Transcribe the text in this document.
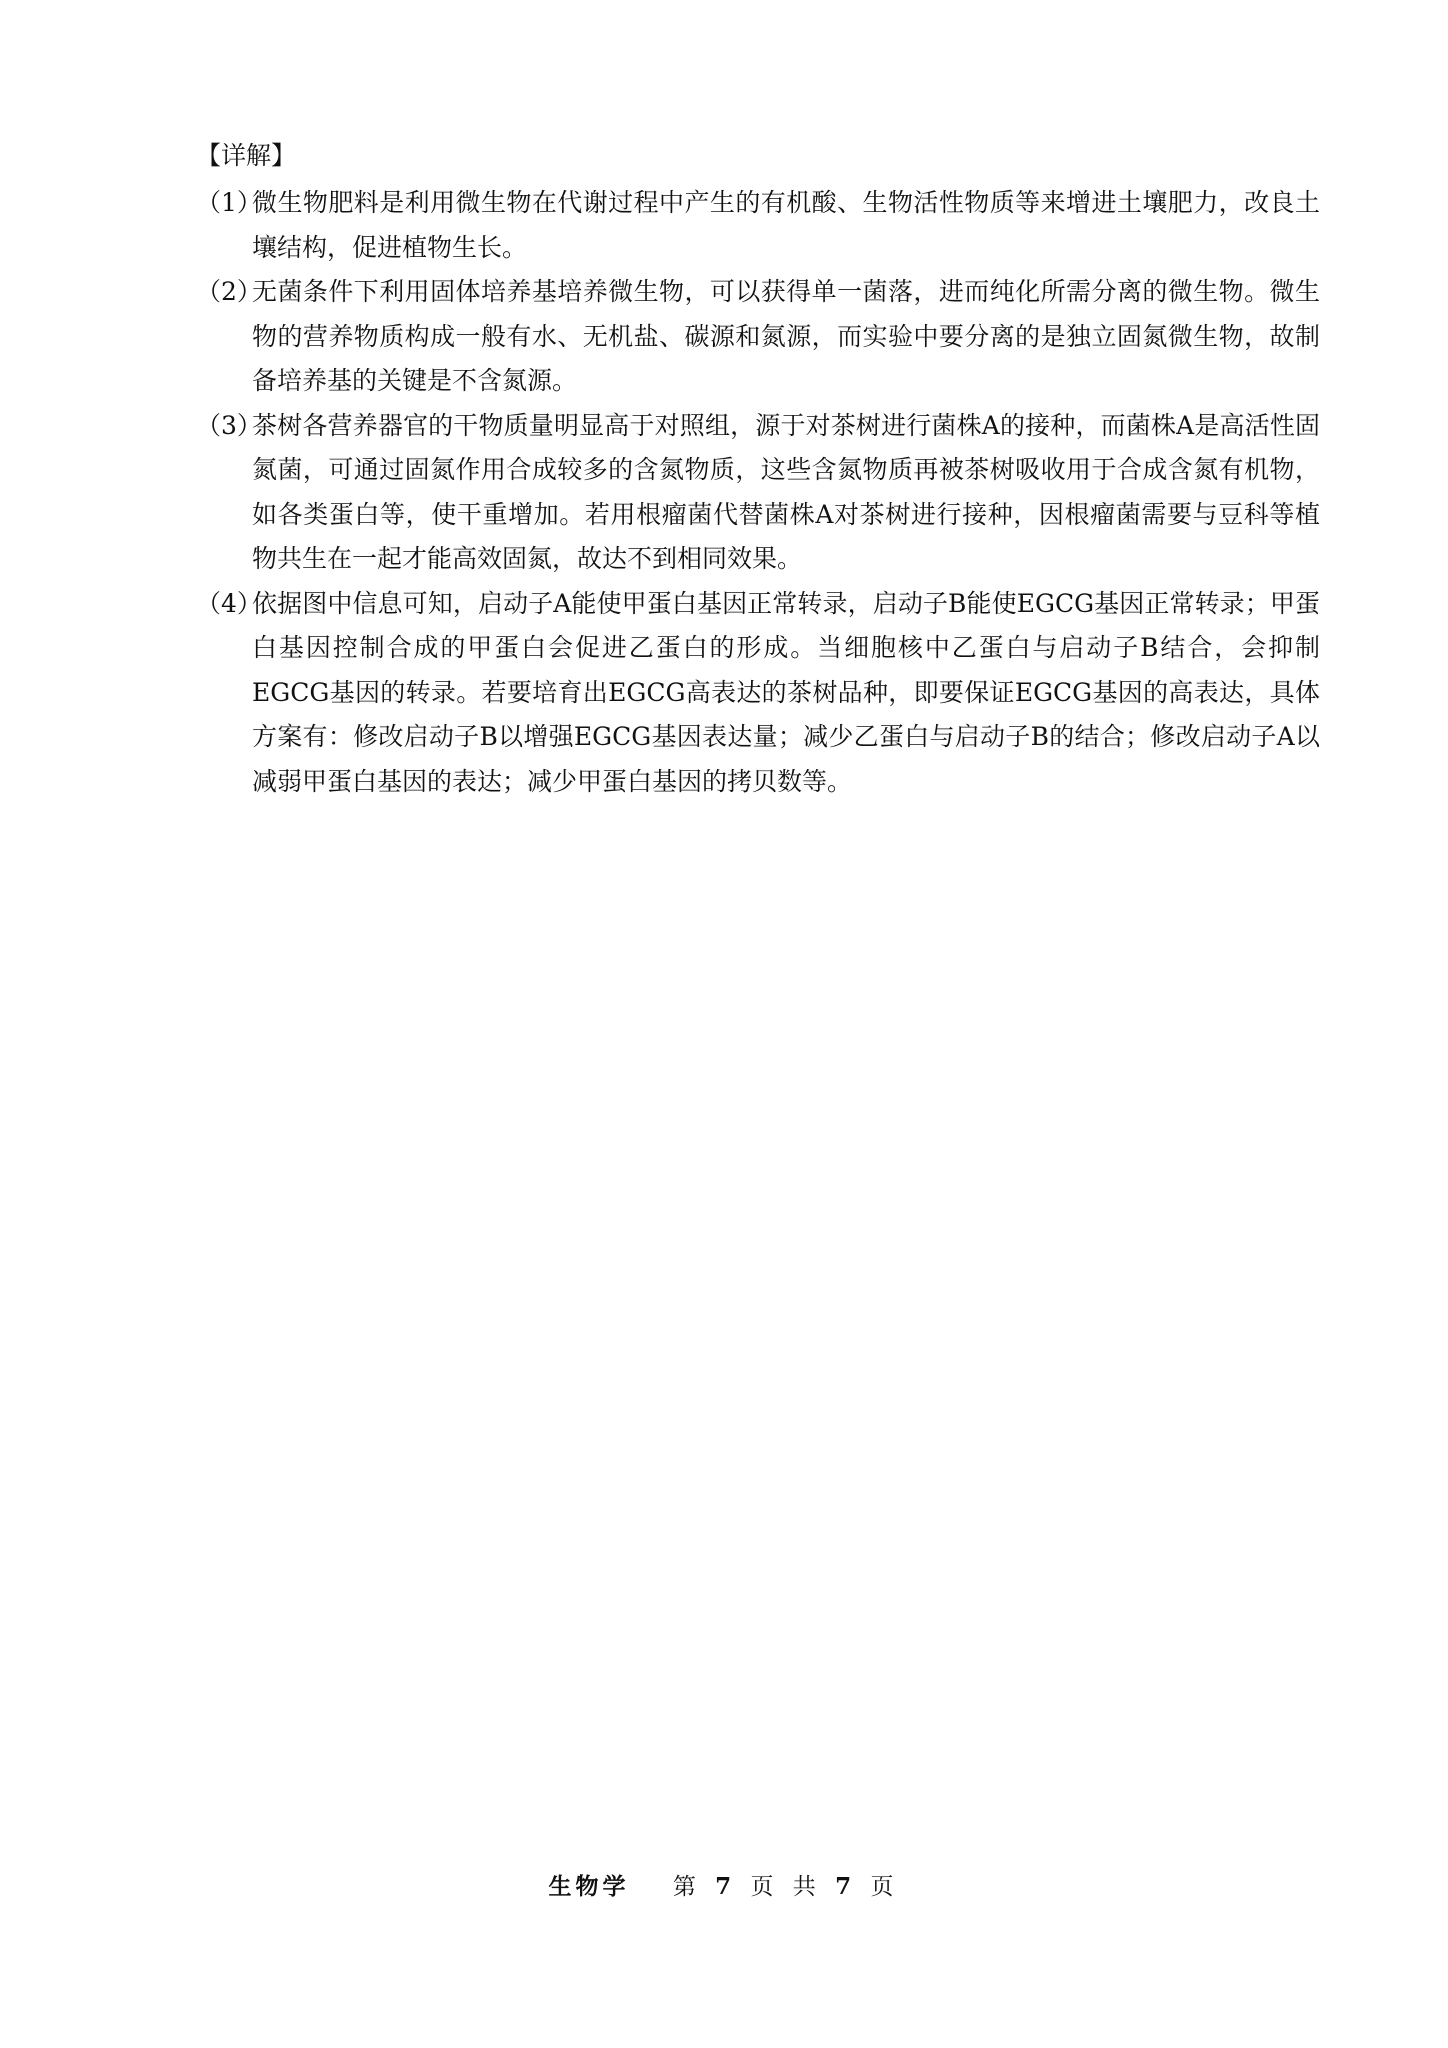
【详解】
（1）
微生物肥料是利用微生物在代谢过程中产生的有机酸、生物活性物质等来增进土壤肥力，改良土壤结构，促进植物生长。
（2）
无菌条件下利用固体培养基培养微生物，可以获得单一菌落，进而纯化所需分离的微生物。微生物的营养物质构成一般有水、无机盐、碳源和氮源，而实验中要分离的是独立固氮微生物，故制备培养基的关键是不含氮源。
（3）
茶树各营养器官的干物质量明显高于对照组，源于对茶树进行菌株A的接种，而菌株A是高活性固氮菌，可通过固氮作用合成较多的含氮物质，这些含氮物质再被茶树吸收用于合成含氮有机物，如各类蛋白等，使干重增加。若用根瘤菌代替菌株A对茶树进行接种，因根瘤菌需要与豆科等植物共生在一起才能高效固氮，故达不到相同效果。
（4）
依据图中信息可知，启动子A能使甲蛋白基因正常转录，启动子B能使EGCG基因正常转录；甲蛋白基因控制合成的甲蛋白会促进乙蛋白的形成。当细胞核中乙蛋白与启动子B结合，会抑制EGCG基因的转录。若要培育出EGCG高表达的茶树品种，即要保证EGCG基因的高表达，具体方案有：修改启动子B以增强EGCG基因表达量；减少乙蛋白与启动子B的结合；修改启动子A以减弱甲蛋白基因的表达；减少甲蛋白基因的拷贝数等。
生物学 第 7 页 共 7 页
